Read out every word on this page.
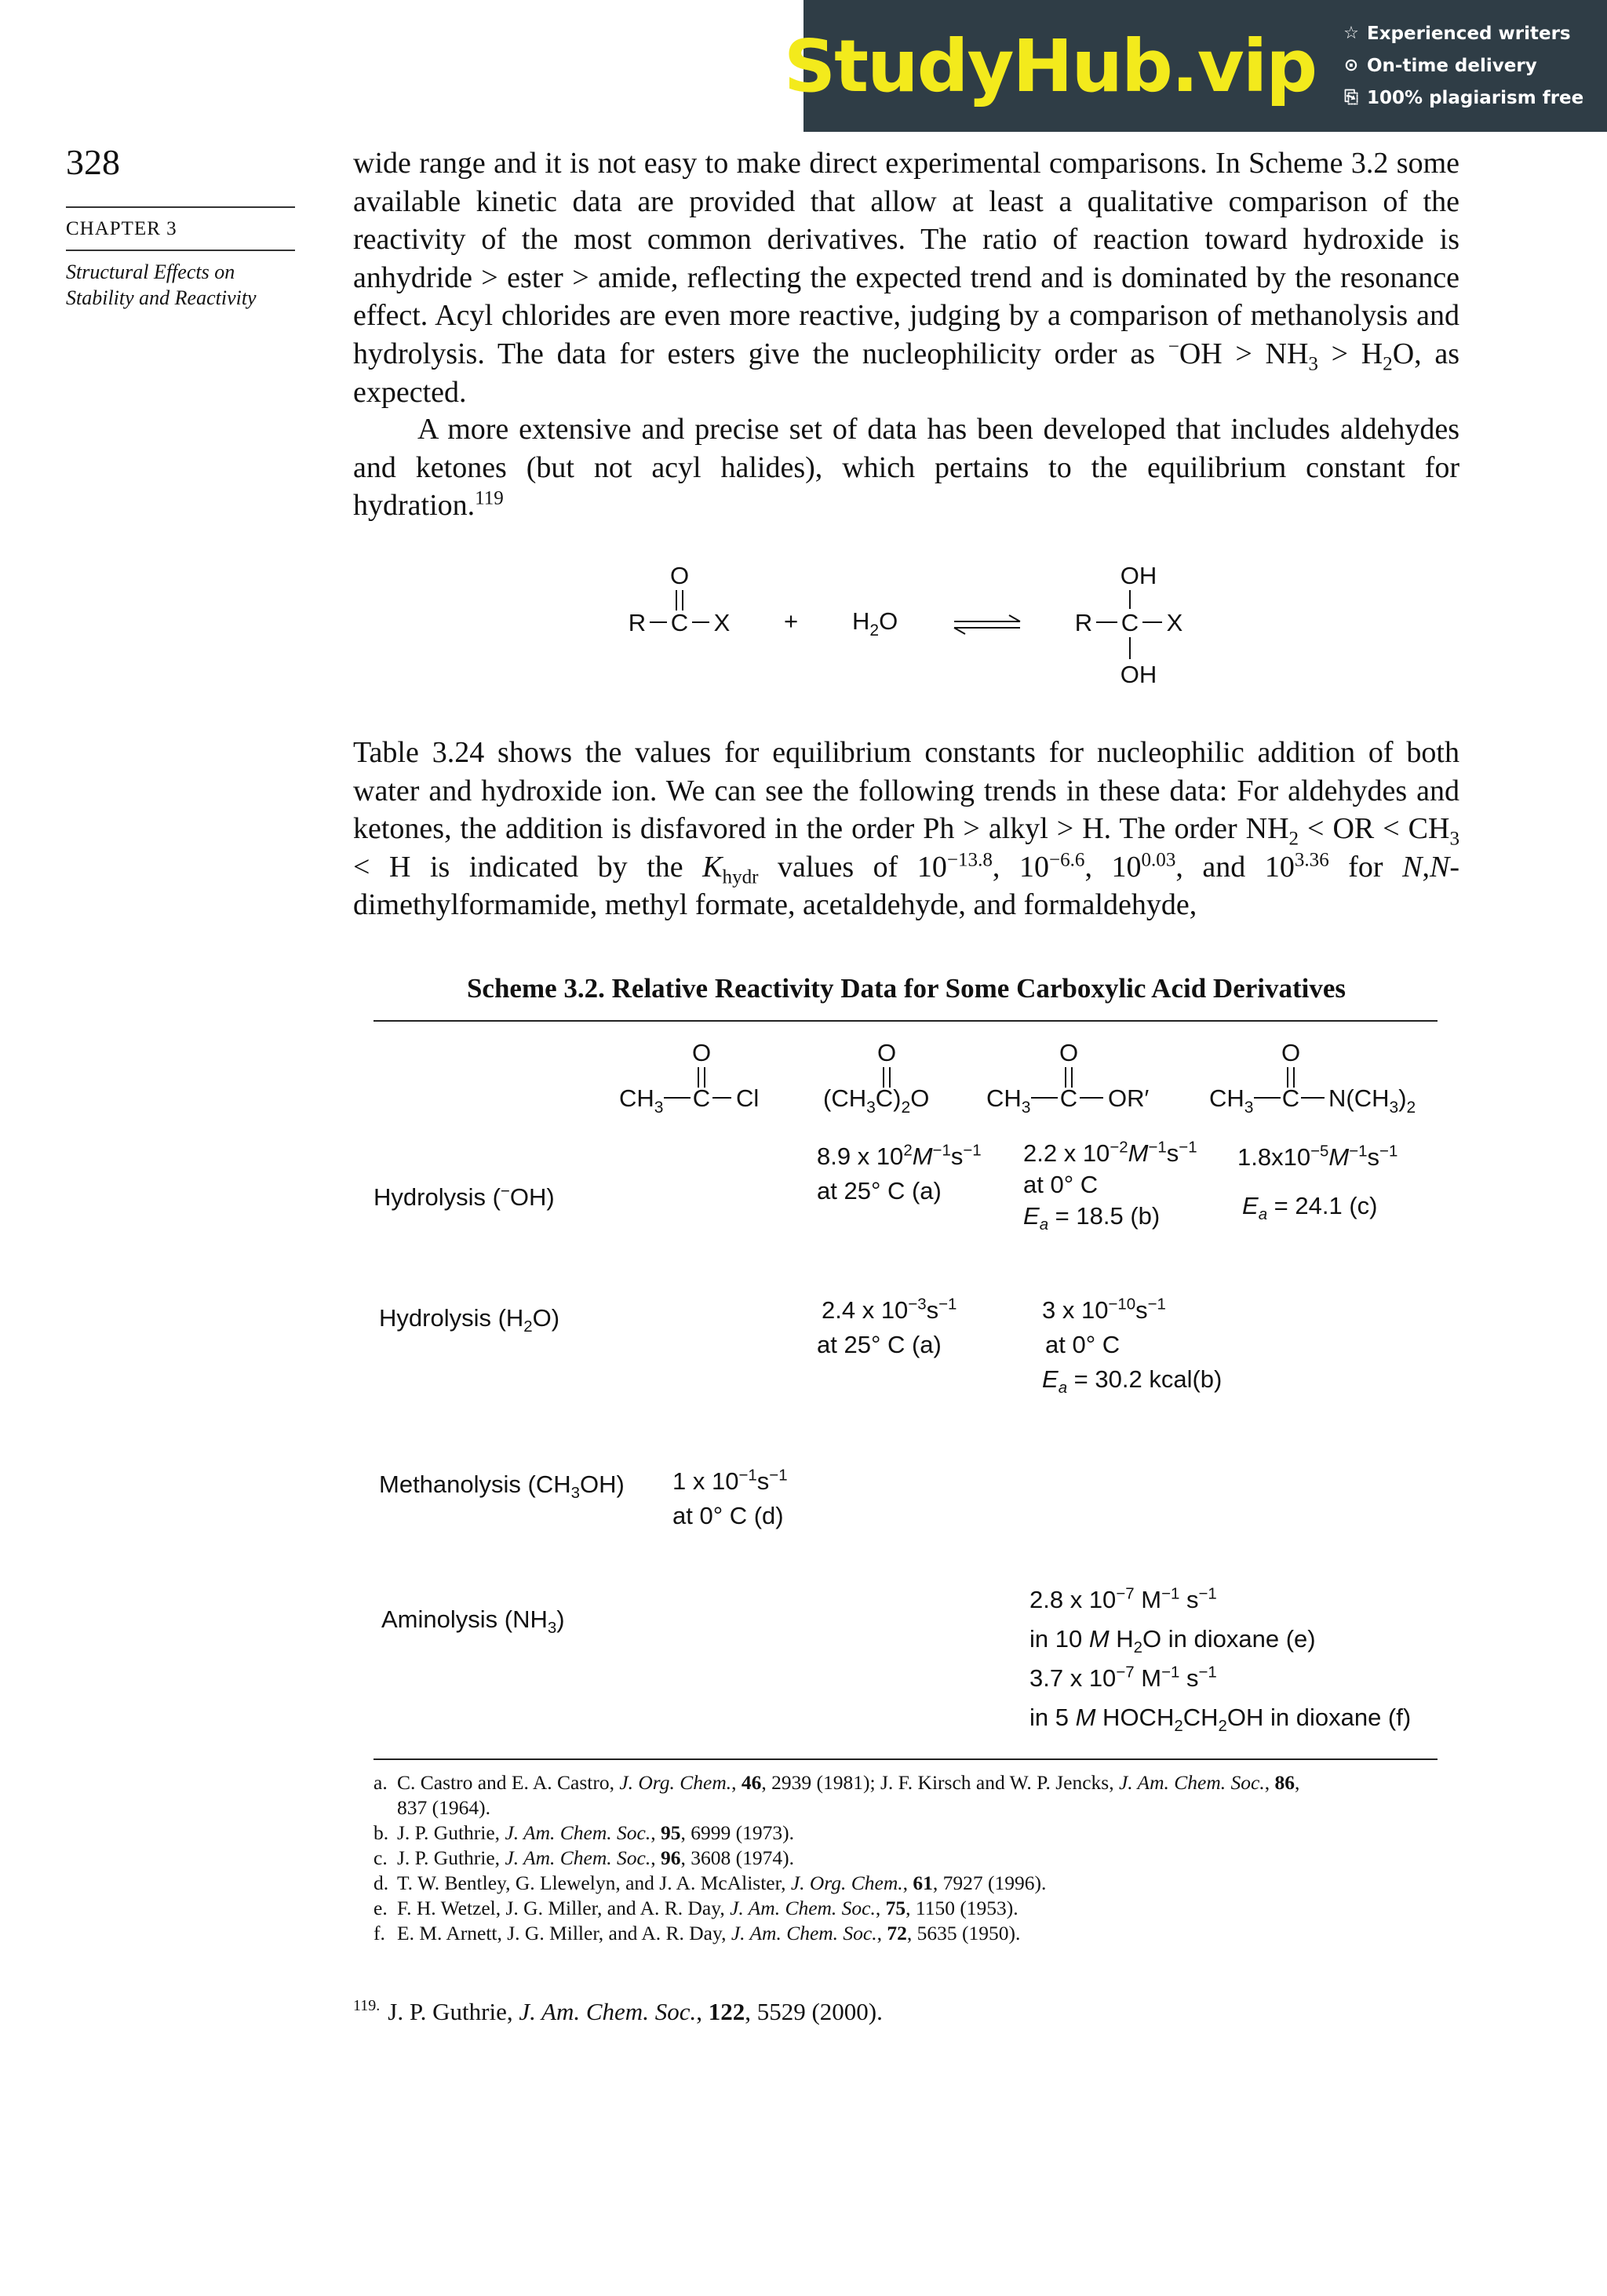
StudyHub.vip ☆ Experienced writers
⊙ On-time delivery
⎘ 100% plagiarism free
328
CHAPTER 3
Structural Effects on Stability and Reactivity
wide range and it is not easy to make direct experimental comparisons. In Scheme 3.2 some available kinetic data are provided that allow at least a qualitative comparison of the reactivity of the most common derivatives. The ratio of reaction toward hydroxide is anhydride > ester > amide, reflecting the expected trend and is dominated by the resonance effect. Acyl chlorides are even more reactive, judging by a comparison of methanolysis and hydrolysis. The data for esters give the nucleophilicity order as $^-OH > NH_3 > H_2O$, as expected.
A more extensive and precise set of data has been developed that includes aldehydes and ketones (but not acyl halides), which pertains to the equilibrium constant for hydration.$^{119}$
O
R C $X + H_2O$
OH
R C X
OH
Table 3.24 shows the values for equilibrium constants for nucleophilic addition of both water and hydroxide ion. We can see the following trends in these data: For aldehydes and ketones, the addition is disfavored in the order Ph > alkyl > H. The order $NH_2$ < OR < $CH_3 < H$ is indicated by the $K_{hydr}$ values of $10^{-13.8}$, $10^{-6.6}$, $10^{0.03}$, and $10^{3.36}$ for N,N-dimethylformamide, methyl formate, acetaldehyde, and formaldehyde,
Scheme 3.2. Relative Reactivity Data for Some Carboxylic Acid Derivatives
O
$CH_3$ C Cl
O
$(CH_3C)_2O$
O
$CH_3$ C OR′
O
$CH_3$ C $N(CH_3)_2$
Hydrolysis (−OH)
8.9 x $10^2M^{-1}s^{-1}$
at 25° C (a)
2.2 x $10^{-2}M^{-1}s^{-1}$
at 0° C
$E_a = 18.5$ (b)
$1.8x10^{-5}M^{-1}s^{-1}$
$E_a = 24.1$ (c)
Hydrolysis $(H_2O)$	2.4 x $10^{-3}s^{-1}$
at 25° C (a)
3 x $10^{-10}s^{-1}$
at 0° C
$E_a = 30.2$ kcal(b)
Methanolysis $(CH_3OH)$ 1 x $10^{-1}s^{-1}$
at 0° C (d)
Aminolysis $(NH_3)$
2.8 x $10^{-7}$ $M^{-1}$ $s^{-1}$
in 10 M $H_2O$ in dioxane (e)
3.7 x $10^{-7}$ $M^{-1}$ $s^{-1}$
in 5 M $HOCH_2CH_2OH$ in dioxane (f)
a. C. Castro and E. A. Castro, J. Org. Chem., 46, 2939 (1981); J. F. Kirsch and W. P. Jencks, J. Am. Chem. Soc., 86,
837 (1964).
b. J. P. Guthrie, J. Am. Chem. Soc., 95, 6999 (1973).
c. J. P. Guthrie, J. Am. Chem. Soc., 96, 3608 (1974).
d. T. W. Bentley, G. Llewelyn, and J. A. McAlister, J. Org. Chem., 61, 7927 (1996).
e. F. H. Wetzel, J. G. Miller, and A. R. Day, J. Am. Chem. Soc., 75, 1150 (1953).
f. E. M. Arnett, J. G. Miller, and A. R. Day, J. Am. Chem. Soc., 72, 5635 (1950).
$^{119.}$ J. P. Guthrie, J. Am. Chem. Soc., 122, 5529 (2000).
